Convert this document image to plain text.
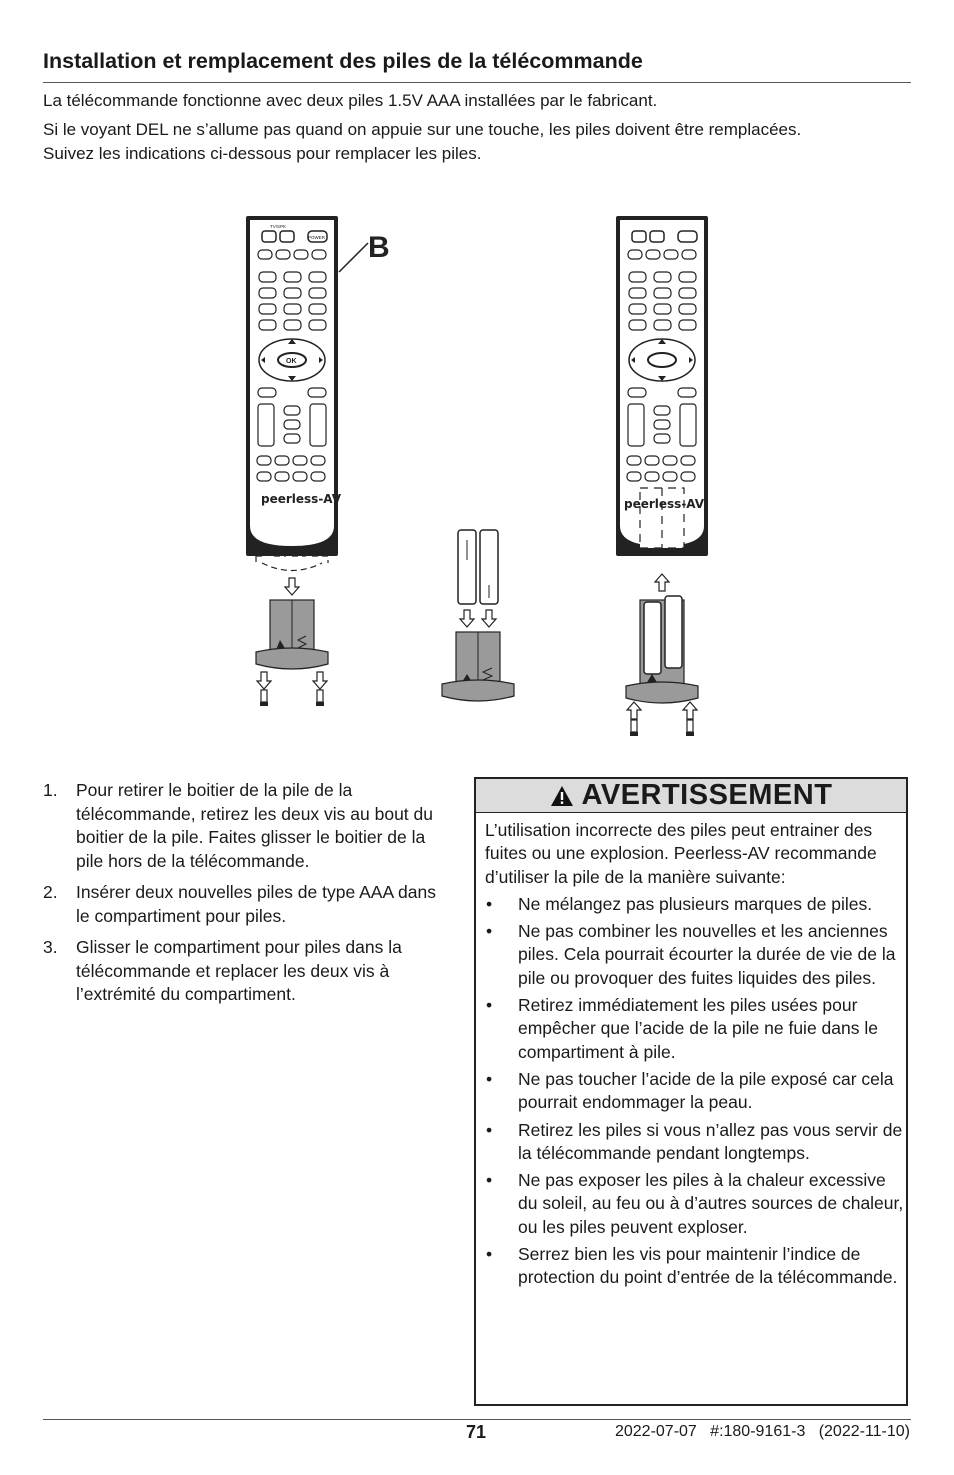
Installation et remplacement des piles de la télécommande

La télécommande fonctionne avec deux piles 1.5V AAA installées par le fabricant.

Si le voyant DEL ne s’allume pas quand on appuie sur une touche, les piles doivent être remplacées.

Suivez les indications ci-dessous pour remplacer les piles.

peerless-AV
OK
POWER
TV/SPK
B
peerless-AV
1. Pour retirer le boitier de la pile de la télécommande, retirez les deux vis au bout du boitier de la pile. Faites glisser le boitier de la pile hors de la télécommande.
2. Insérer deux nouvelles piles de type AAA dans le compartiment pour piles.
3. Glisser le compartiment pour piles dans la télécommande et replacer les deux vis à l’extrémité du compartiment.
AVERTISSEMENT
L’utilisation incorrecte des piles peut entrainer des fuites ou une explosion. Peerless-AV recommande d’utiliser la pile de la manière suivante:
• Ne mélangez pas plusieurs marques de piles.
• Ne pas combiner les nouvelles et les anciennes piles. Cela pourrait écourter la durée de vie de la pile ou provoquer des fuites liquides des piles.
• Retirez immédiatement les piles usées pour empêcher que l’acide de la pile ne fuie dans le compartiment à pile.
• Ne pas toucher l’acide de la pile exposé car cela pourrait endommager la peau.
• Retirez les piles si vous n’allez pas vous servir de la télécommande pendant longtemps.
• Ne pas exposer les piles à la chaleur excessive du soleil, au feu ou à d’autres sources de chaleur, ou les piles peuvent exploser.
• Serrez bien les vis pour maintenir l’indice de protection du point d’entrée de la télécommande.
71	2022-07-07   #:180-9161-3   (2022-11-10)
